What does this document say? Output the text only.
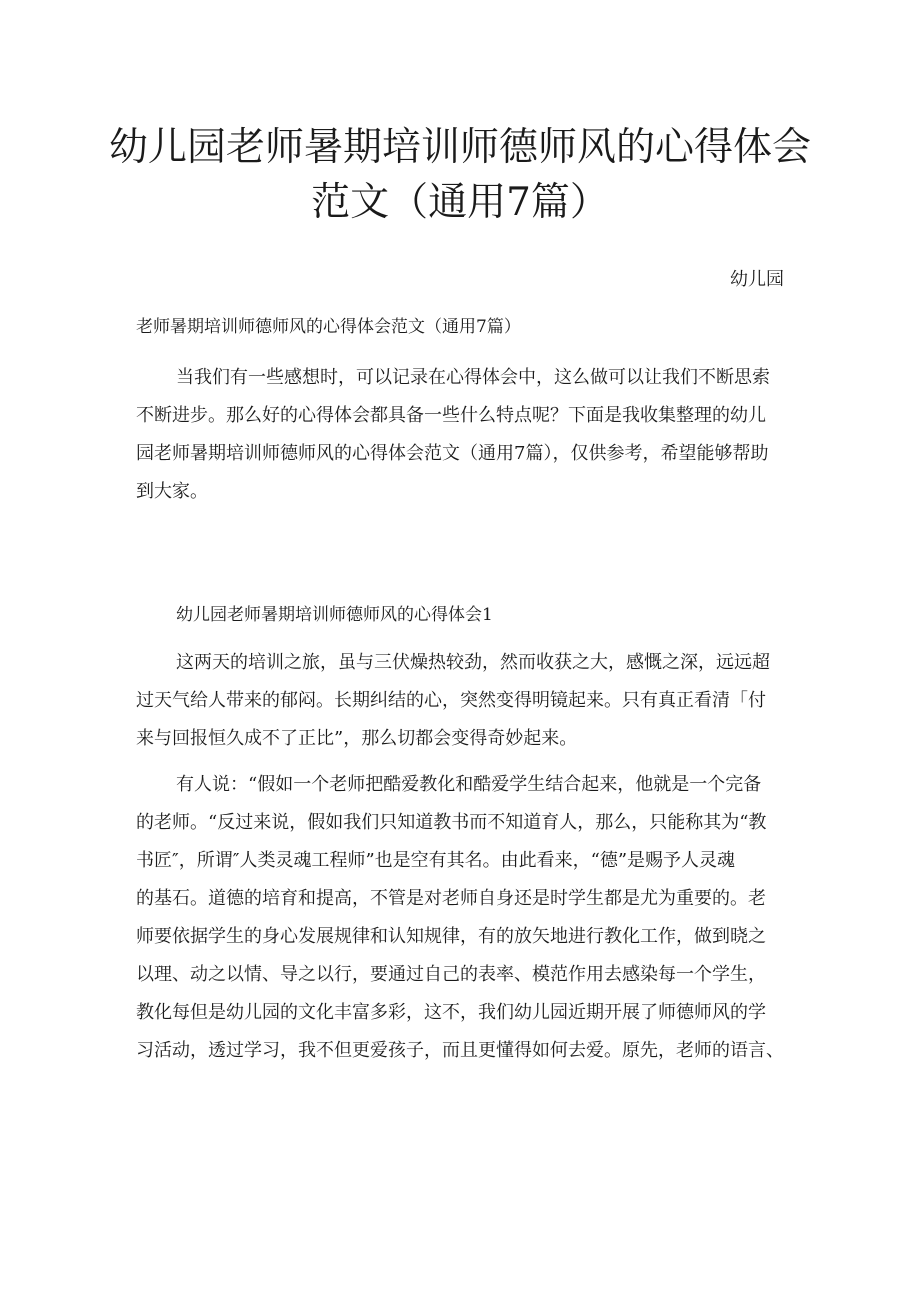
幼儿园老师暑期培训师德师风的心得体会
范文（通用7篇）
幼儿园
老师暑期培训师德师风的心得体会范文（通用7篇）
当我们有一些感想时，可以记录在心得体会中，这么做可以让我们不断思索
不断进步。那么好的心得体会都具备一些什么特点呢？下面是我收集整理的幼儿
园老师暑期培训师德师风的心得体会范文（通用7篇），仅供参考，希望能够帮助
到大家。
幼儿园老师暑期培训师德师风的心得体会1
这两天的培训之旅，虽与三伏燥热较劲，然而收获之大，感慨之深，远远超
过天气给人带来的郁闷。长期纠结的心，突然变得明镜起来。只有真正看清「付
来与回报恒久成不了正比”，那么切都会变得奇妙起来。
有人说：“假如一个老师把酷爱教化和酷爱学生结合起来，他就是一个完备
的老师。“反过来说，假如我们只知道教书而不知道育人，那么，只能称其为“教
书匠″，所谓″人类灵魂工程师”也是空有其名。由此看来，“德”是赐予人灵魂
的基石。道德的培育和提高，不管是对老师自身还是时学生都是尤为重要的。老
师要依据学生的身心发展规律和认知规律，有的放矢地进行教化工作，做到晓之
以理、动之以情、导之以行，要通过自己的表率、模范作用去感染每一个学生，
教化每但是幼儿园的文化丰富多彩，这不，我们幼儿园近期开展了师德师风的学
习活动，透过学习，我不但更爱孩子，而且更懂得如何去爱。原先，老师的语言、
